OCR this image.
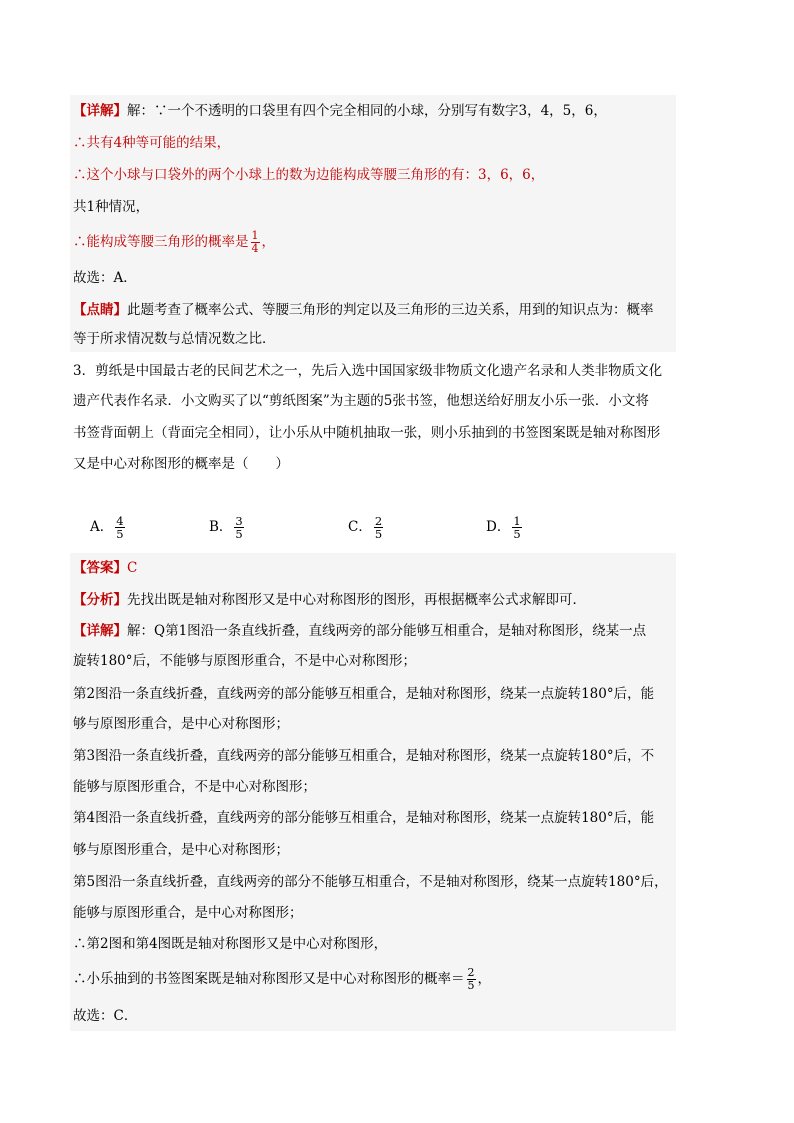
【详解】解：∵一个不透明的口袋里有四个完全相同的小球，分别写有数字3，4，5，6，
∴共有4种等可能的结果，
∴这个小球与口袋外的两个小球上的数为边能构成等腰三角形的有：3，6，6，
共1种情况，
∴能构成等腰三角形的概率是 $\frac{1}{4}$ ，
故选：A．
【点睛】此题考查了概率公式、等腰三角形的判定以及三角形的三边关系，用到的知识点为：概率
等于所求情况数与总情况数之比．
3．剪纸是中国最古老的民间艺术之一，先后入选中国国家级非物质文化遗产名录和人类非物质文化
遗产代表作名录．小文购买了以“剪纸图案”为主题的5张书签，他想送给好朋友小乐一张．小文将
书签背面朝上（背面完全相同），让小乐从中随机抽取一张，则小乐抽到的书签图案既是轴对称图形
又是中心对称图形的概率是（　　）
A． $\frac{4}{5}$	B． $\frac{3}{5}$	C． $\frac{2}{5}$	D． $\frac{1}{5}$
【答案】C
【分析】先找出既是轴对称图形又是中心对称图形的图形，再根据概率公式求解即可．
【详解】解：Q第1图沿一条直线折叠，直线两旁的部分能够互相重合，是轴对称图形，绕某一点
旋转180°后，不能够与原图形重合，不是中心对称图形；
第2图沿一条直线折叠，直线两旁的部分能够互相重合，是轴对称图形，绕某一点旋转180°后，能
够与原图形重合，是中心对称图形；
第3图沿一条直线折叠，直线两旁的部分能够互相重合，是轴对称图形，绕某一点旋转180°后，不
能够与原图形重合，不是中心对称图形；
第4图沿一条直线折叠，直线两旁的部分能够互相重合，是轴对称图形，绕某一点旋转180°后，能
够与原图形重合，是中心对称图形；
第5图沿一条直线折叠，直线两旁的部分不能够互相重合，不是轴对称图形，绕某一点旋转180°后，
能够与原图形重合，是中心对称图形；
∴第2图和第4图既是轴对称图形又是中心对称图形，
∴小乐抽到的书签图案既是轴对称图形又是中心对称图形的概率＝ $\frac{2}{5}$ ，
故选：C．
